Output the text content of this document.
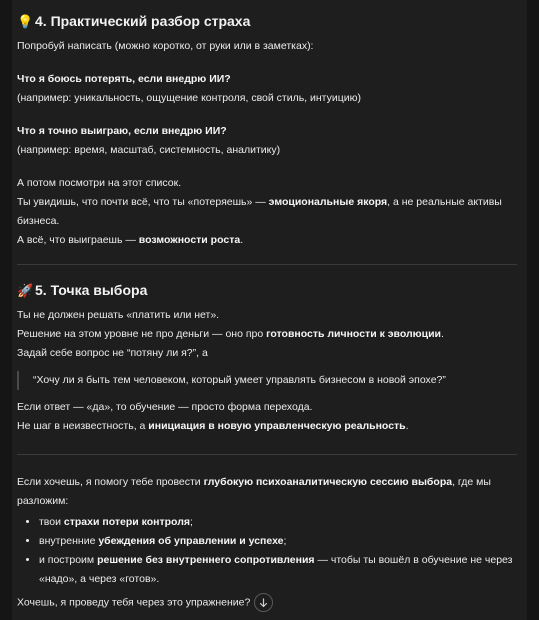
💡 4. Практический разбор страха

Попробуй написать (можно коротко, от руки или в заметках):

Что я боюсь потерять, если внедрю ИИ?

(например: уникальность, ощущение контроля, свой стиль, интуицию)

Что я точно выиграю, если внедрю ИИ?

(например: время, масштаб, системность, аналитику)

А потом посмотри на этот список.
Ты увидишь, что почти всё, что ты «потеряешь» — эмоциональные якоря, а не реальные активы бизнеса.
А всё, что выиграешь — возможности роста.

🚀 5. Точка выбора

Ты не должен решать «платить или нет».
Решение на этом уровне не про деньги — оно про готовность личности к эволюции.
Задай себе вопрос не “потяну ли я?”, а

“Хочу ли я быть тем человеком, который умеет управлять бизнесом в новой эпохе?”

Если ответ — «да», то обучение — просто форма перехода.
Не шаг в неизвестность, а инициация в новую управленческую реальность.

Если хочешь, я помогу тебе провести глубокую психоаналитическую сессию выбора, где мы разложим:

• твои страхи потери контроля;
• внутренние убеждения об управлении и успехе;
• и построим решение без внутреннего сопротивления — чтобы ты вошёл в обучение не через «надо», а через «готов».

Хочешь, я проведу тебя через это упражнение?
